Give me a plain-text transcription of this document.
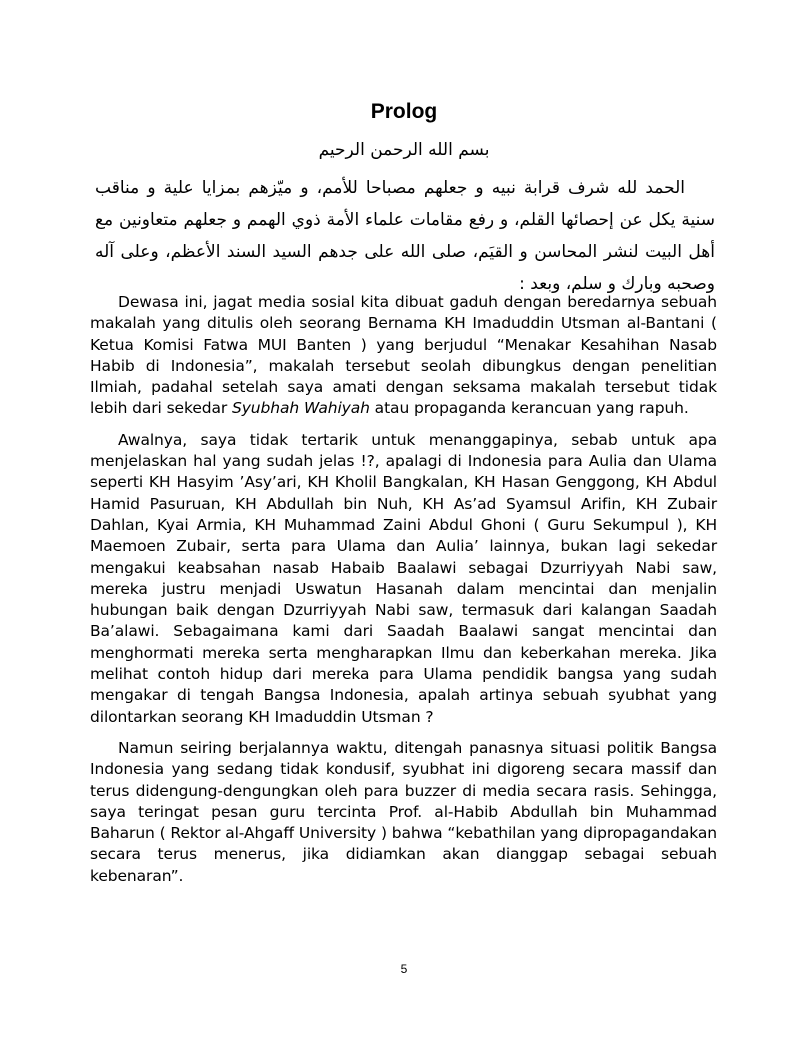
Prolog

بسم الله الرحمن الرحيم

الحمد لله شرف قرابة نبيه و جعلهم مصباحا للأمم، و ميّزهم بمزايا علية و مناقب سنية يكل عن إحصائها القلم، و رفع مقامات علماء الأمة ذوي الهمم و جعلهم متعاونين مع أهل البيت لنشر المحاسن و القيَم، صلى الله على جدهم السيد السند الأعظم، وعلى آله وصحبه وبارك و سلم، وبعد :

Dewasa ini, jagat media sosial kita dibuat gaduh dengan beredarnya sebuah makalah yang ditulis oleh seorang Bernama KH Imaduddin Utsman al-Bantani ( Ketua Komisi Fatwa MUI Banten ) yang berjudul “Menakar Kesahihan Nasab Habib di Indonesia”, makalah tersebut seolah dibungkus dengan penelitian Ilmiah, padahal setelah saya amati dengan seksama makalah tersebut tidak lebih dari sekedar Syubhah Wahiyah atau propaganda kerancuan yang rapuh.

Awalnya, saya tidak tertarik untuk menanggapinya, sebab untuk apa menjelaskan hal yang sudah jelas !?, apalagi di Indonesia para Aulia dan Ulama seperti KH Hasyim ’Asy’ari, KH Kholil Bangkalan, KH Hasan Genggong, KH Abdul Hamid Pasuruan, KH Abdullah bin Nuh, KH As’ad Syamsul Arifin, KH Zubair Dahlan, Kyai Armia, KH Muhammad Zaini Abdul Ghoni ( Guru Sekumpul ), KH Maemoen Zubair, serta para Ulama dan Aulia’ lainnya, bukan lagi sekedar mengakui keabsahan nasab Habaib Baalawi sebagai Dzurriyyah Nabi saw, mereka justru menjadi Uswatun Hasanah dalam mencintai dan menjalin hubungan baik dengan Dzurriyyah Nabi saw, termasuk dari kalangan Saadah Ba’alawi. Sebagaimana kami dari Saadah Baalawi sangat mencintai dan menghormati mereka serta mengharapkan Ilmu dan keberkahan mereka. Jika melihat contoh hidup dari mereka para Ulama pendidik bangsa yang sudah mengakar di tengah Bangsa Indonesia, apalah artinya sebuah syubhat yang dilontarkan seorang KH Imaduddin Utsman ?

Namun seiring berjalannya waktu, ditengah panasnya situasi politik Bangsa Indonesia yang sedang tidak kondusif, syubhat ini digoreng secara massif dan terus didengung-dengungkan oleh para buzzer di media secara rasis. Sehingga, saya teringat pesan guru tercinta Prof. al-Habib Abdullah bin Muhammad Baharun ( Rektor al-Ahgaff University ) bahwa “kebathilan yang dipropagandakan secara terus menerus, jika didiamkan akan dianggap sebagai sebuah kebenaran”.

5
